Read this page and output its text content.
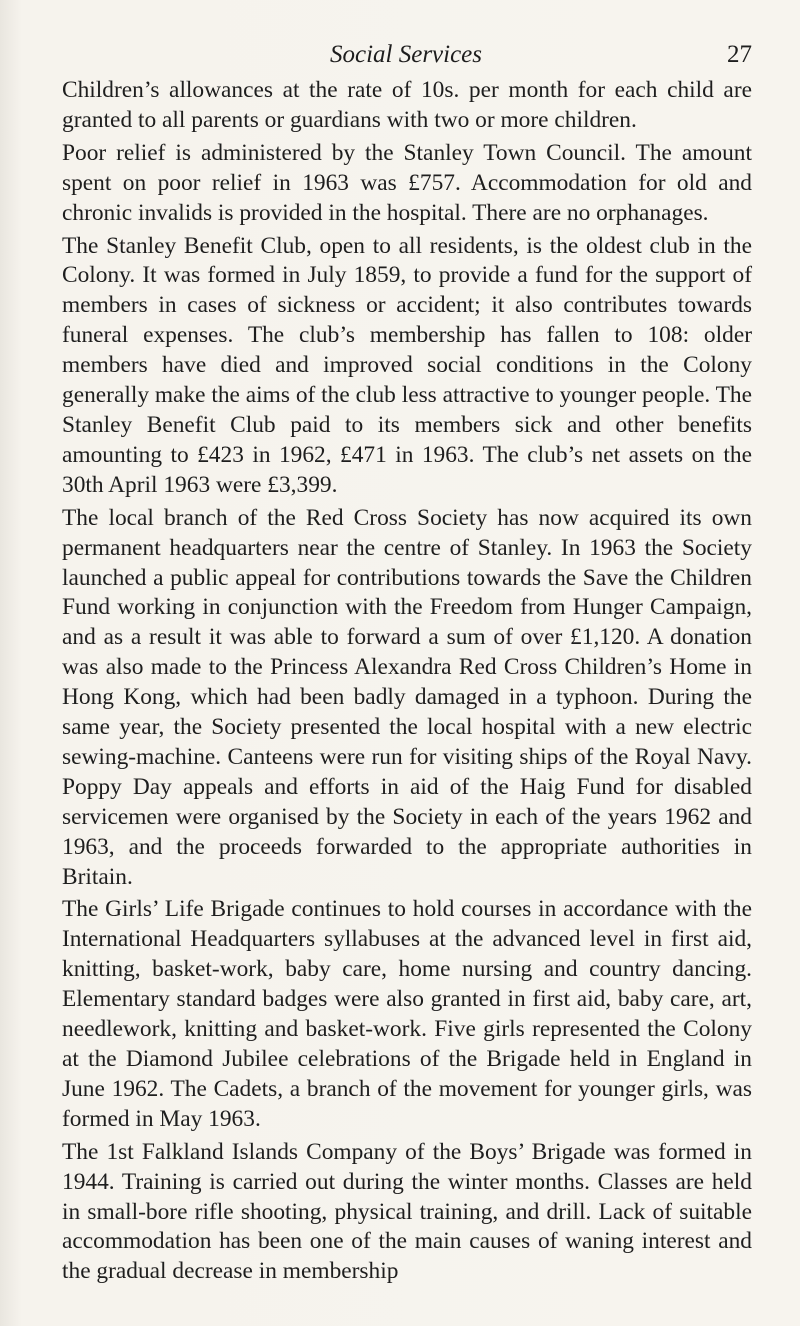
Social Services	27

Children’s allowances at the rate of 10s. per month for each child are granted to all parents or guardians with two or more children.

Poor relief is administered by the Stanley Town Council. The amount spent on poor relief in 1963 was £757. Accommodation for old and chronic invalids is provided in the hospital. There are no orphanages.

The Stanley Benefit Club, open to all residents, is the oldest club in the Colony. It was formed in July 1859, to provide a fund for the support of members in cases of sickness or accident; it also contributes towards funeral expenses. The club’s membership has fallen to 108: older members have died and improved social conditions in the Colony generally make the aims of the club less attractive to younger people. The Stanley Benefit Club paid to its members sick and other benefits amounting to £423 in 1962, £471 in 1963. The club’s net assets on the 30th April 1963 were £3,399.

The local branch of the Red Cross Society has now acquired its own permanent headquarters near the centre of Stanley. In 1963 the Society launched a public appeal for contributions towards the Save the Children Fund working in conjunction with the Freedom from Hunger Campaign, and as a result it was able to forward a sum of over £1,120. A donation was also made to the Princess Alexandra Red Cross Children’s Home in Hong Kong, which had been badly damaged in a typhoon. During the same year, the Society presented the local hospital with a new electric sewing-machine. Canteens were run for visiting ships of the Royal Navy. Poppy Day appeals and efforts in aid of the Haig Fund for disabled servicemen were organised by the Society in each of the years 1962 and 1963, and the proceeds forwarded to the appropriate authorities in Britain.

The Girls’ Life Brigade continues to hold courses in accordance with the International Headquarters syllabuses at the advanced level in first aid, knitting, basket-work, baby care, home nursing and country dancing. Elementary standard badges were also granted in first aid, baby care, art, needlework, knitting and basket-work. Five girls represented the Colony at the Diamond Jubilee celebrations of the Brigade held in England in June 1962. The Cadets, a branch of the movement for younger girls, was formed in May 1963.

The 1st Falkland Islands Company of the Boys’ Brigade was formed in 1944. Training is carried out during the winter months. Classes are held in small-bore rifle shooting, physical training, and drill. Lack of suitable accommodation has been one of the main causes of waning interest and the gradual decrease in membership
